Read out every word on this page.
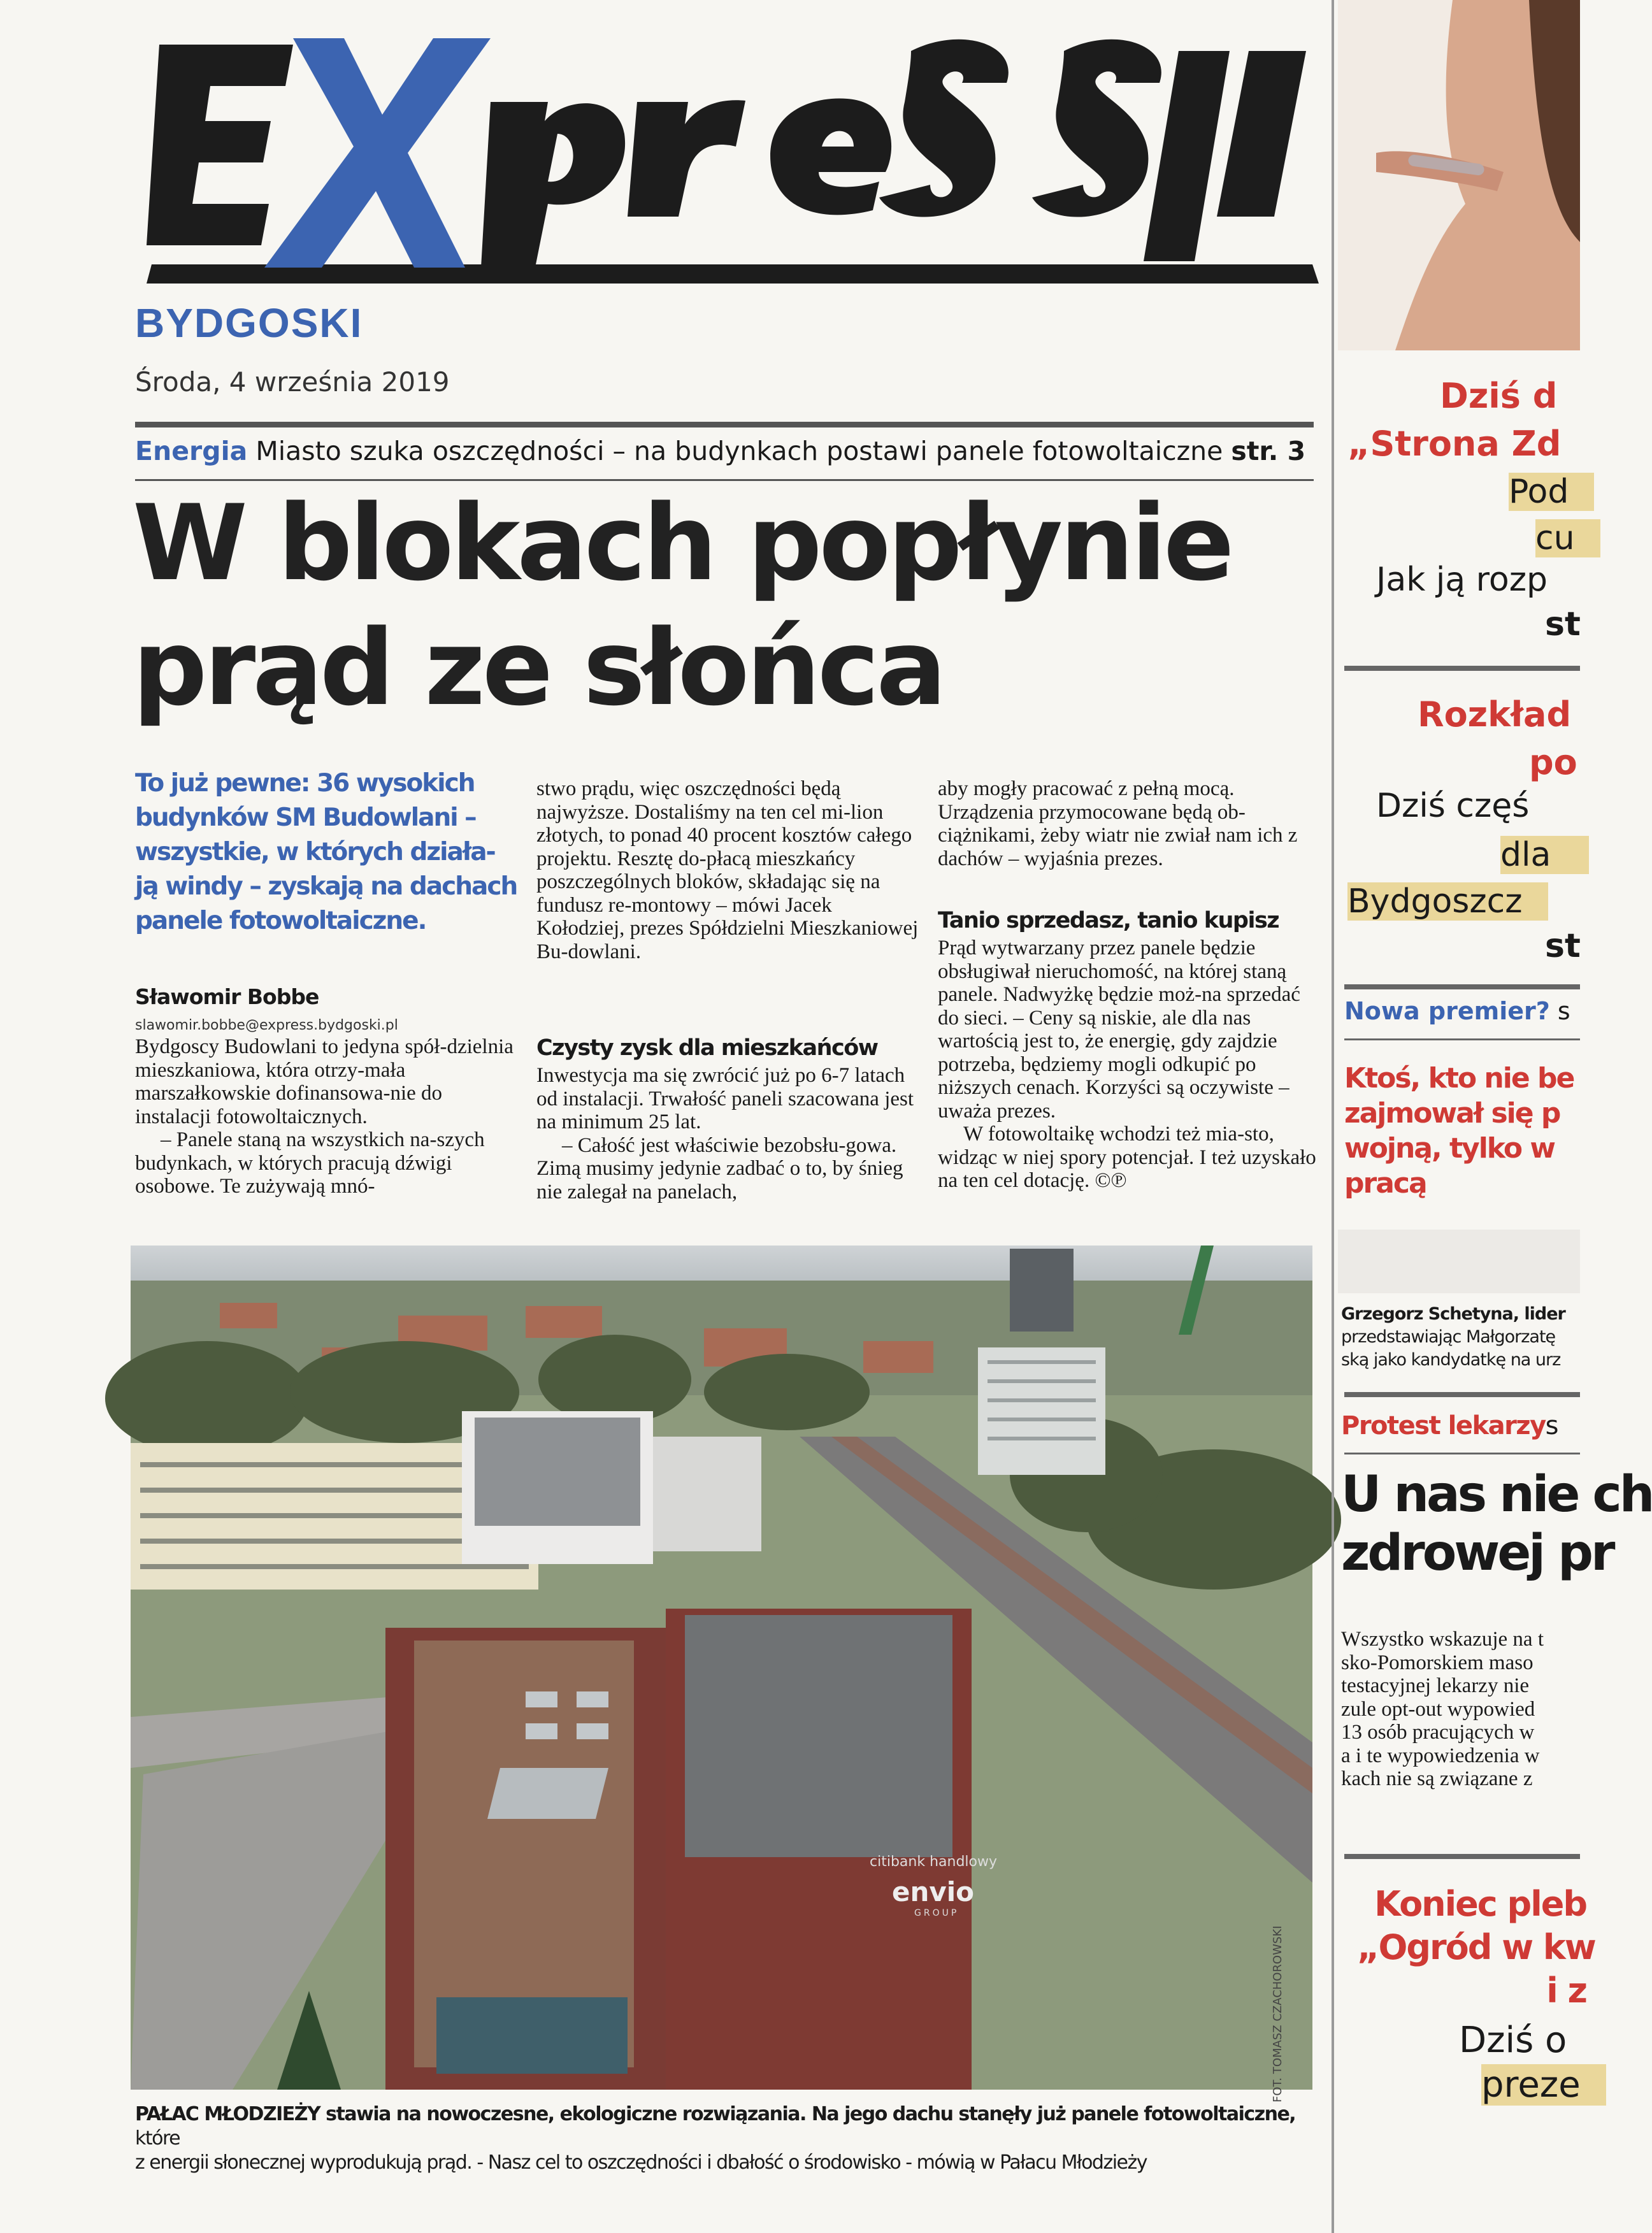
BYDGOSKI
Środa, 4 września 2019
Energia Miasto szuka oszczędności – na budynkach postawi panele fotowoltaiczne str. 3
W blokach popłynie
prąd ze słońca
To już pewne: 36 wysokich budynków SM Budowlani – wszystkie, w których działa-ją windy – zyskają na dachach panele fotowoltaiczne.
Sławomir Bobbe
slawomir.bobbe@express.bydgoski.pl

Bydgoscy Budowlani to jedyna spół-dzielnia mieszkaniowa, która otrzy-mała marszałkowskie dofinansowa-nie do instalacji fotowoltaicznych.

– Panele staną na wszystkich na-szych budynkach, w których pracują dźwigi osobowe. Te zużywają mnó-

stwo prądu, więc oszczędności będą najwyższe. Dostaliśmy na ten cel mi-lion złotych, to ponad 40 procent kosztów całego projektu. Resztę do-płacą mieszkańcy poszczególnych bloków, składając się na fundusz re-montowy – mówi Jacek Kołodziej, prezes Spółdzielni Mieszkaniowej Bu-dowlani.

Czysty zysk dla mieszkańców

Inwestycja ma się zwrócić już po 6-7 latach od instalacji. Trwałość paneli szacowana jest na minimum 25 lat.

– Całość jest właściwie bezobsłu-gowa. Zimą musimy jedynie zadbać o to, by śnieg nie zalegał na panelach,

aby mogły pracować z pełną mocą. Urządzenia przymocowane będą ob-ciążnikami, żeby wiatr nie zwiał nam ich z dachów – wyjaśnia prezes.

Tanio sprzedasz, tanio kupisz

Prąd wytwarzany przez panele będzie obsługiwał nieruchomość, na której staną panele. Nadwyżkę będzie moż-na sprzedać do sieci. – Ceny są niskie, ale dla nas wartością jest to, że energię, gdy zajdzie potrzeba, będziemy mogli odkupić po niższych cenach. Korzyści są oczywiste – uważa prezes.

W fotowoltaikę wchodzi też mia-sto, widząc w niej spory potencjał. I też uzyskało na ten cel dotację. ©℗

citibank handlowy
envio
GROUP
FOT. TOMASZ CZACHOROWSKI
PAŁAC MŁODZIEŻY stawia na nowoczesne, ekologiczne rozwiązania. Na jego dachu stanęły już panele fotowoltaiczne, które
z energii słonecznej wyprodukują prąd. - Nasz cel to oszczędności i dbałość o środowisko - mówią w Pałacu Młodzieży
Dziś d
„Strona Zd
Pod
cu
Jak ją rozp
st
Rozkład
po
Dziś częś
dla
Bydgoszcz
st
Nowa premier? s
Ktoś, kto nie be
zajmował się p
wojną, tylko w
pracą
Grzegorz Schetyna, lider
przedstawiając Małgorzatę
ską jako kandydatkę na urz
Protest lekarzys
U nas nie ch
zdrowej pr
Wszystko wskazuje na t
sko-Pomorskiem maso
testacyjnej lekarzy nie
zule opt-out wypowied
13 osób pracujących w
a i te wypowiedzenia w
kach nie są związane z
Koniec pleb
„Ogród w kw
i z
Dziś o
preze
